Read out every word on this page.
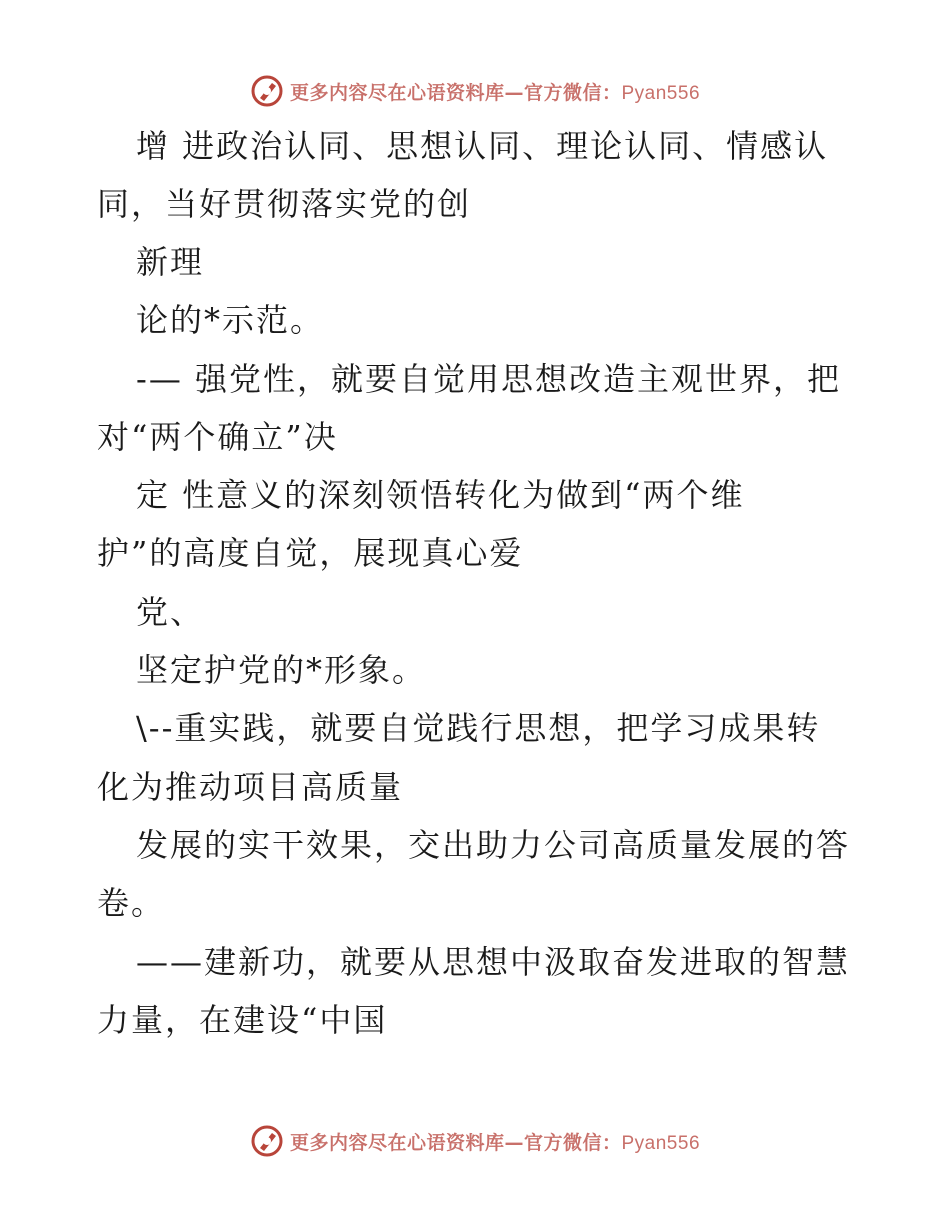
更多内容尽在心语资料库—官方微信：Pyan556
增 进政治认同、思想认同、理论认同、情感认
同，当好贯彻落实党的创
新理
论的*示范。
-— 强党性，就要自觉用思想改造主观世界，把
对“两个确立”决
定 性意义的深刻领悟转化为做到“两个维
护”的高度自觉，展现真心爱
党、
坚定护党的*形象。
\--重实践，就要自觉践行思想，把学习成果转
化为推动项目高质量
发展的实干效果，交出助力公司高质量发展的答
卷。
——建新功，就要从思想中汲取奋发进取的智慧
力量，在建设“中国
更多内容尽在心语资料库—官方微信：Pyan556
